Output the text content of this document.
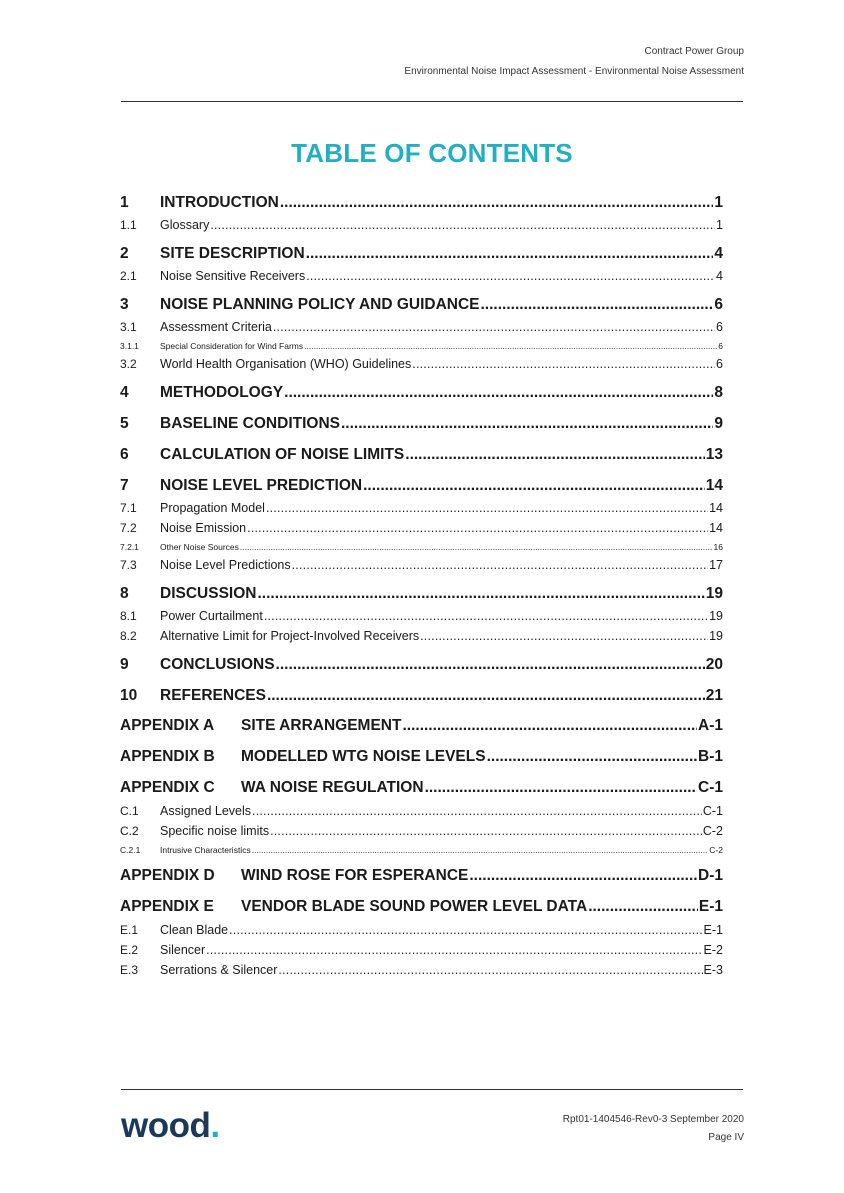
Contract Power Group
Environmental Noise Impact Assessment - Environmental Noise Assessment
TABLE OF CONTENTS
1	INTRODUCTION .....	1
1.1	Glossary .....	1
2	SITE DESCRIPTION .....	4
2.1	Noise Sensitive Receivers .....	4
3	NOISE PLANNING POLICY AND GUIDANCE .....	6
3.1	Assessment Criteria .....	6
3.1.1	Special Consideration for Wind Farms .....	6
3.2	World Health Organisation (WHO) Guidelines .....	6
4	METHODOLOGY .....	8
5	BASELINE CONDITIONS .....	9
6	CALCULATION OF NOISE LIMITS .....	13
7	NOISE LEVEL PREDICTION .....	14
7.1	Propagation Model .....	14
7.2	Noise Emission .....	14
7.2.1	Other Noise Sources .....	16
7.3	Noise Level Predictions .....	17
8	DISCUSSION .....	19
8.1	Power Curtailment .....	19
8.2	Alternative Limit for Project-Involved Receivers .....	19
9	CONCLUSIONS .....	20
10	REFERENCES .....	21
APPENDIX A	SITE ARRANGEMENT .....	A-1
APPENDIX B	MODELLED WTG NOISE LEVELS .....	B-1
APPENDIX C	WA NOISE REGULATION .....	C-1
C.1	Assigned Levels .....	C-1
C.2	Specific noise limits .....	C-2
C.2.1	Intrusive Characteristics .....	C-2
APPENDIX D	WIND ROSE FOR ESPERANCE .....	D-1
APPENDIX E	VENDOR BLADE SOUND POWER LEVEL DATA .....	E-1
E.1	Clean Blade .....	E-1
E.2	Silencer .....	E-2
E.3	Serrations & Silencer .....	E-3
wood.	Rpt01-1404546-Rev0-3 September 2020
Page IV
